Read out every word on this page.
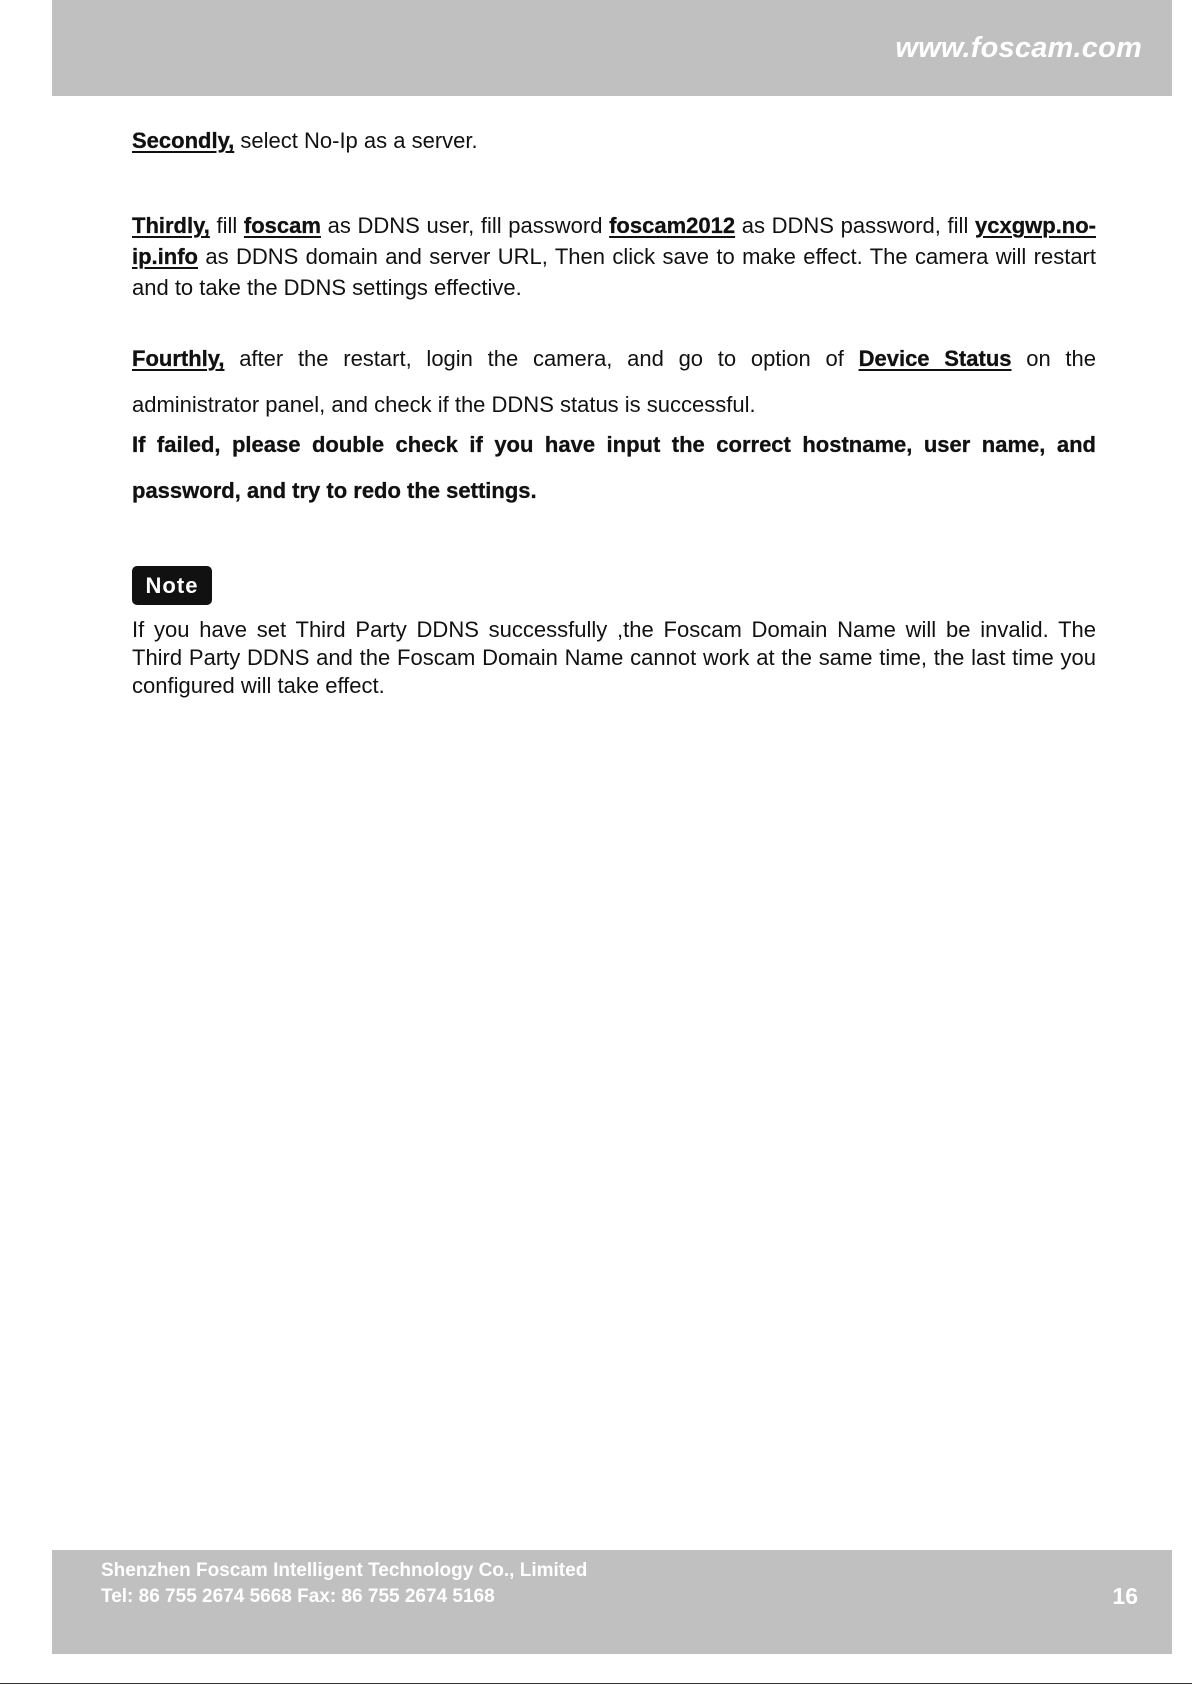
www.foscam.com

Secondly, select No-Ip as a server.

Thirdly, fill foscam as DDNS user, fill password foscam2012 as DDNS password, fill ycxgwp.no-ip.info as DDNS domain and server URL, Then click save to make effect. The camera will restart and to take the DDNS settings effective.

Fourthly, after the restart, login the camera, and go to option of Device Status on the administrator panel, and check if the DDNS status is successful.

If failed, please double check if you have input the correct hostname, user name, and password, and try to redo the settings.

If you have set Third Party DDNS successfully ,the Foscam Domain Name will be invalid. The Third Party DDNS and the Foscam Domain Name cannot work at the same time, the last time you configured will take effect.

Note
Shenzhen Foscam Intelligent Technology Co., Limited
Tel: 86 755 2674 5668 Fax: 86 755 2674 5168	16
